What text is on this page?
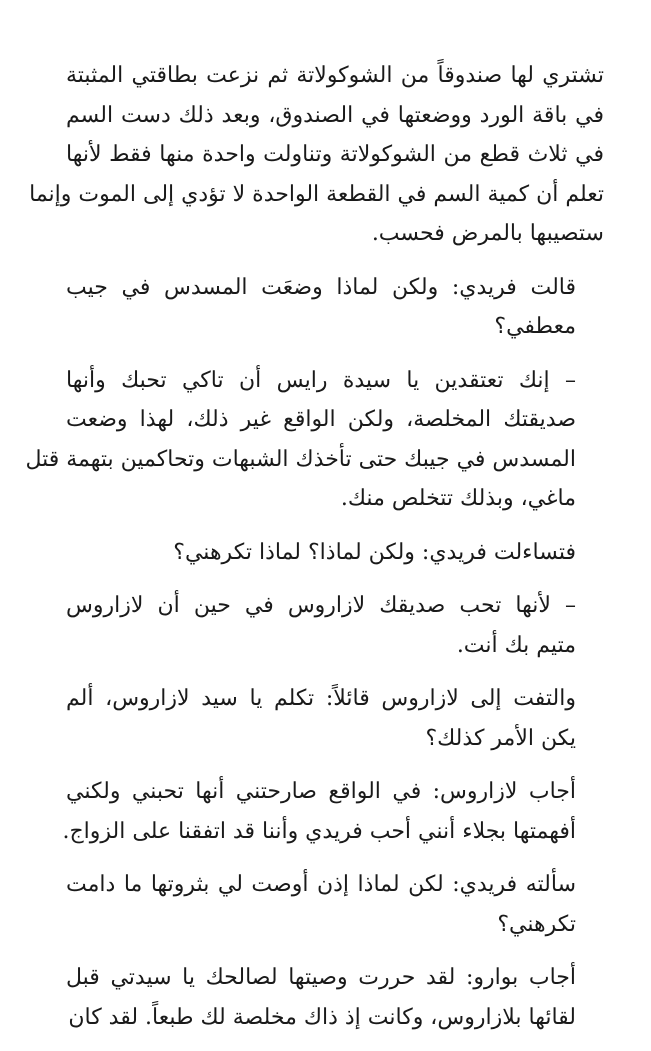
تشتري لها صندوقاً من الشوكولاتة ثم نزعت بطاقتي المثبتة
في باقة الورد ووضعتها في الصندوق، وبعد ذلك دست السم
في ثلاث قطع من الشوكولاتة وتناولت واحدة منها فقط لأنها
تعلم أن كمية السم في القطعة الواحدة لا تؤدي إلى الموت وإنما
ستصيبها بالمرض فحسب.
قالت فريدي: ولكن لماذا وضعَت المسدس في جيب
معطفي؟
– إنك تعتقدين يا سيدة رايس أن تاكي تحبك وأنها
صديقتك المخلصة، ولكن الواقع غير ذلك، لهذا وضعت
المسدس في جيبك حتى تأخذك الشبهات وتحاكمين بتهمة قتل
ماغي، وبذلك تتخلص منك.
فتساءلت فريدي: ولكن لماذا؟ لماذا تكرهني؟
– لأنها تحب صديقك لازاروس في حين أن لازاروس
متيم بك أنت.
والتفت إلى لازاروس قائلاً: تكلم يا سيد لازاروس، ألم
يكن الأمر كذلك؟
أجاب لازاروس: في الواقع صارحتني أنها تحبني ولكني
أفهمتها بجلاء أنني أحب فريدي وأننا قد اتفقنا على الزواج.
سألته فريدي: لكن لماذا إذن أوصت لي بثروتها ما دامت
تكرهني؟
أجاب بوارو: لقد حررت وصيتها لصالحك يا سيدتي قبل
لقائها بلازاروس، وكانت إذ ذاك مخلصة لك طبعاً. لقد كان
